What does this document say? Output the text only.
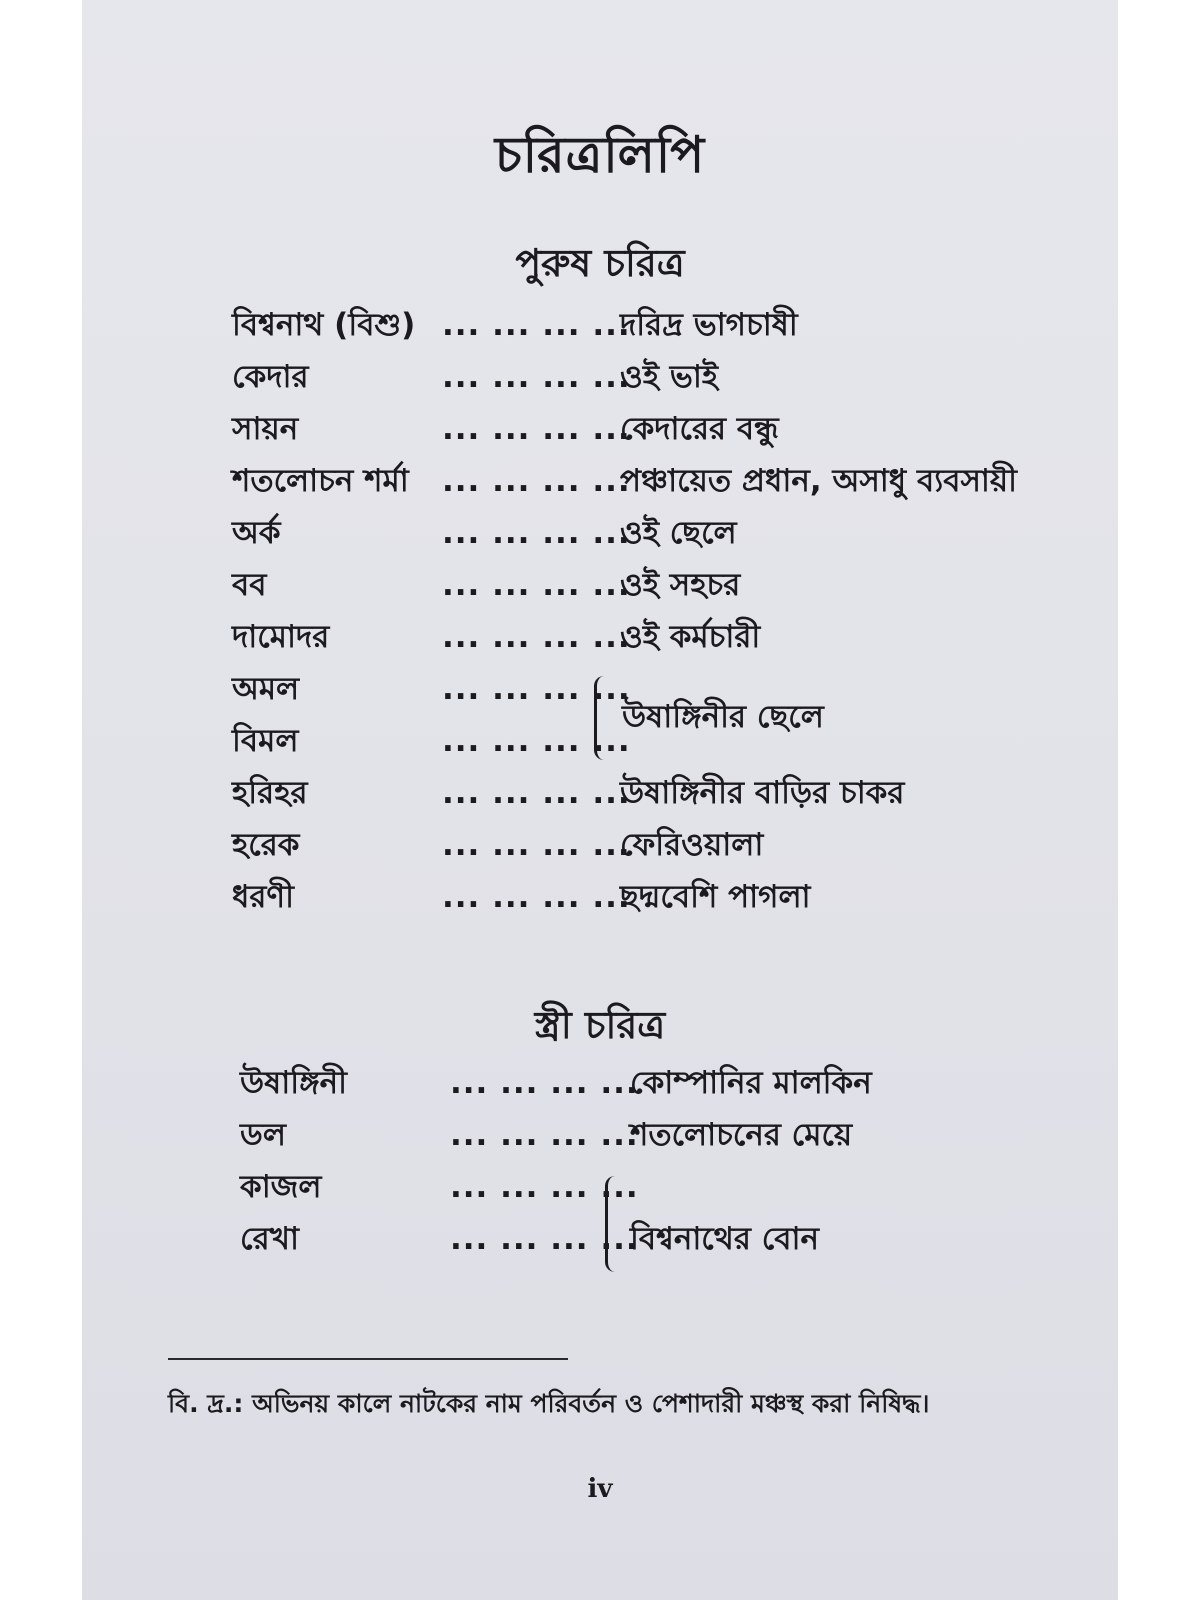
চরিত্রলিপি
পুরুষ চরিত্র
বিশ্বনাথ (বিশু) ... ... ... ...
দরিদ্র ভাগচাষী
কেদার	... ... ... ...
ওই ভাই
সায়ন	... ... ... ...
কেদারের বন্ধু
শতলোচন শর্মা ... ... ... ...
পঞ্চায়েত প্রধান, অসাধু ব্যবসায়ী
অর্ক	... ... ... ...
ওই ছেলে
বব	... ... ... ...
ওই সহচর
দামোদর	... ... ... ...
ওই কর্মচারী
অমল	... ... ... ...
বিমল	... ... ... ...
উষাঙ্গিনীর ছেলে
হরিহর	... ... ... ...
উষাঙ্গিনীর বাড়ির চাকর
হরেক	... ... ... ...
ফেরিওয়ালা
ধরণী	... ... ... ...
ছদ্মবেশি পাগলা
স্ত্রী চরিত্র
উষাঙ্গিনী	... ... ... ...
কোম্পানির মালকিন
ডল	... ... ... ...
শতলোচনের মেয়ে
কাজল	... ... ... ...
রেখা	... ... ... ...
বিশ্বনাথের বোন
বি. দ্র.: অভিনয় কালে নাটকের নাম পরিবর্তন ও পেশাদারী মঞ্চস্থ করা নিষিদ্ধ।
iv
